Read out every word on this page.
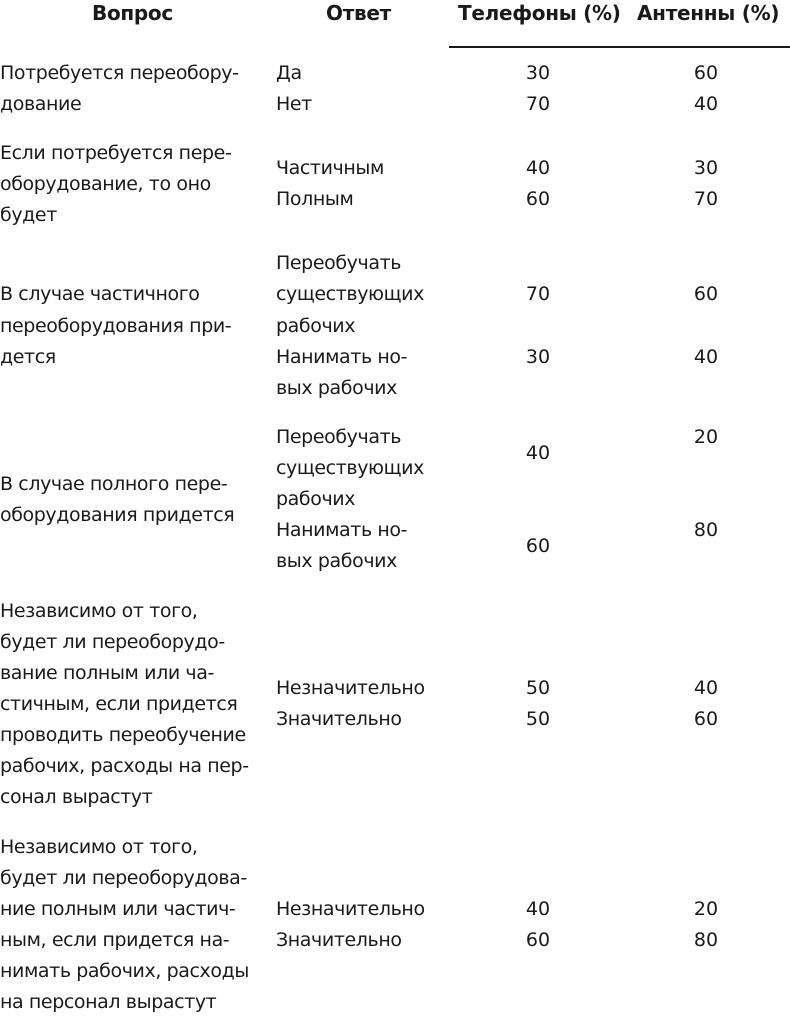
Вопрос	Ответ	Телефоны (%) Антенны (%)
Потребуется переобору-
дование
Да
Нет
30
70
60
40
Если потребуется пере-
оборудование, то оно
будет
Частичным
Полным
40
60
30
70
В случае частичного
переоборудования при-
дется
Переобучать
существующих
рабочих
Нанимать но-
вых рабочих
70
30
60
40
В случае полного пере-
оборудования придется
Переобучать
существующих
рабочих
Нанимать но-
вых рабочих
40
60
20
80
Независимо от того,
будет ли переоборудо-
вание полным или ча-
стичным, если придется
проводить переобучение
рабочих, расходы на пер-
сонал вырастут
Незначительно
Значительно
50
50
40
60
Независимо от того,
будет ли переоборудова-
ние полным или частич-
ным, если придется на-
нимать рабочих, расходы
на персонал вырастут
Незначительно
Значительно
40
60
20
80
